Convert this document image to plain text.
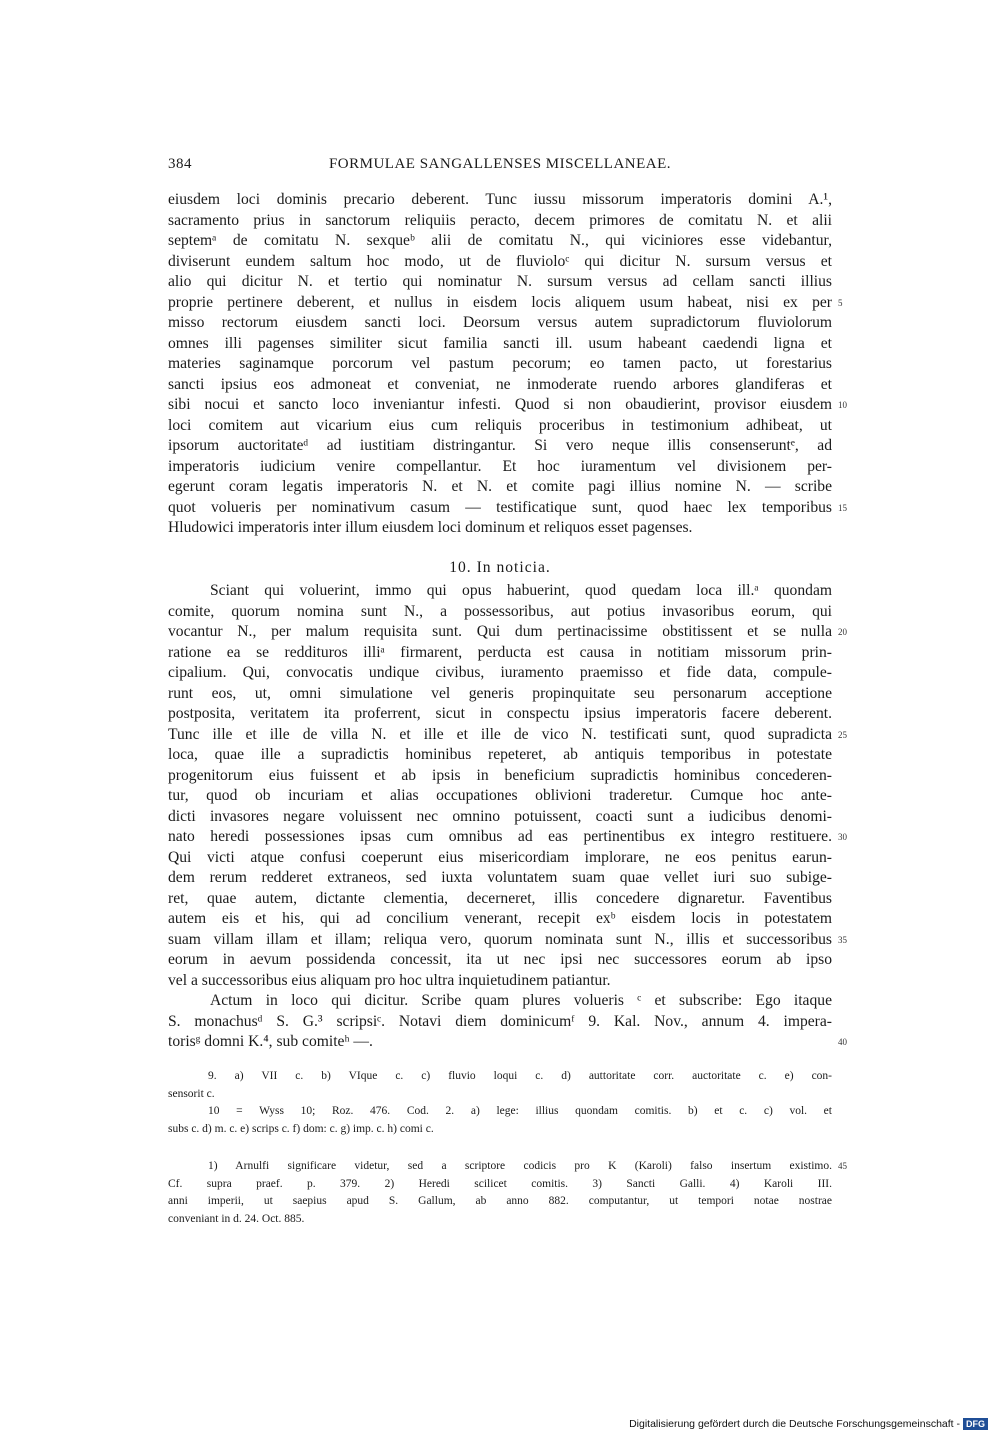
384	FORMULAE SANGALLENSES MISCELLANEAE.
eiusdem loci dominis precario deberent. Tunc iussu missorum imperatoris domini A.¹,
sacramento prius in sanctorum reliquiis peracto, decem primores de comitatu N. et alii
septemᵃ de comitatu N. sexqueᵇ alii de comitatu N., qui viciniores esse videbantur,
diviserunt eundem saltum hoc modo, ut de fluvioloᶜ qui dicitur N. sursum versus et
alio qui dicitur N. et tertio qui nominatur N. sursum versus ad cellam sancti illius
proprie pertinere deberent, et nullus in eisdem locis aliquem usum habeat, nisi ex per 5
misso rectorum eiusdem sancti loci. Deorsum versus autem supradictorum fluviolorum
omnes illi pagenses similiter sicut familia sancti ill. usum habeant caedendi ligna et
materies saginamque porcorum vel pastum pecorum; eo tamen pacto, ut forestarius
sancti ipsius eos admoneat et conveniat, ne inmoderate ruendo arbores glandiferas et
sibi nocui et sancto loco inveniantur infesti. Quod si non obaudierint, provisor eiusdem 10
loci comitem aut vicarium eius cum reliquis proceribus in testimonium adhibeat, ut
ipsorum auctoritateᵈ ad iustitiam distringantur. Si vero neque illis consenseruntᵉ, ad
imperatoris iudicium venire compellantur. Et hoc iuramentum vel divisionem per-
egerunt coram legatis imperatoris N. et N. et comite pagi illius nomine N. — scribe
quot volueris per nominativum casum — testificatique sunt, quod haec lex temporibus 15
Hludowici imperatoris inter illum eiusdem loci dominum et reliquos esset pagenses.
10. In noticia.
Sciant qui voluerint, immo qui opus habuerint, quod quedam loca ill.ᵃ quondam
comite, quorum nomina sunt N., a possessoribus, aut potius invasoribus eorum, qui
vocantur N., per malum requisita sunt. Qui dum pertinacissime obstitissent et se nulla 20
ratione ea se reddituros illiᵃ firmarent, perducta est causa in notitiam missorum prin-
cipalium. Qui, convocatis undique civibus, iuramento praemisso et fide data, compule-
runt eos, ut, omni simulatione vel generis propinquitate seu personarum acceptione
postposita, veritatem ita proferrent, sicut in conspectu ipsius imperatoris facere deberent.
Tunc ille et ille de villa N. et ille et ille de vico N. testificati sunt, quod supradicta 25
loca, quae ille a supradictis hominibus repeteret, ab antiquis temporibus in potestate
progenitorum eius fuissent et ab ipsis in beneficium supradictis hominibus concederen-
tur, quod ob incuriam et alias occupationes oblivioni traderetur. Cumque hoc ante-
dicti invasores negare voluissent nec omnino potuissent, coacti sunt a iudicibus denomi-
nato heredi possessiones ipsas cum omnibus ad eas pertinentibus ex integro restituere. 30
Qui victi atque confusi coeperunt eius misericordiam implorare, ne eos penitus earun-
dem rerum redderet extraneos, sed iuxta voluntatem suam quae vellet iuri suo subige-
ret, quae autem, dictante clementia, decerneret, illis concedere dignaretur. Faventibus
autem eis et his, qui ad concilium venerant, recepit exᵇ eisdem locis in potestatem
suam villam illam et illam; reliqua vero, quorum nominata sunt N., illis et successoribus 35
eorum in aevum possidenda concessit, ita ut nec ipsi nec successores eorum ab ipso
vel a successoribus eius aliquam pro hoc ultra inquietudinem patiantur.
Actum in loco qui dicitur. Scribe quam plures volueris ᶜ et subscribe: Ego itaque
S. monachusᵈ S. G.³ scripsiᶜ. Notavi diem dominicumᶠ 9. Kal. Nov., annum 4. impera-
torisᵍ domni K.⁴, sub comiteʰ —.	40
9. a) VII c. b) VIque c. c) fluvio loqui c. d) auttoritate corr. auctoritate c. e) con-
sensorit c.
10 = Wyss 10; Roz. 476. Cod. 2. a) lege: illius quondam comitis. b) et c. c) vol. et
subs c. d) m. c. e) scrips c. f) dom: c. g) imp. c. h) comi c.
1) Arnulfi significare videtur, sed a scriptore codicis pro K (Karoli) falso insertum existimo. 45
Cf. supra praef. p. 379. 2) Heredi scilicet comitis. 3) Sancti Galli. 4) Karoli III.
anni imperii, ut saepius apud S. Gallum, ab anno 882. computantur, ut tempori notae nostrae
conveniant in d. 24. Oct. 885.
Digitalisierung gefördert durch die Deutsche Forschungsgemeinschaft - DFG
